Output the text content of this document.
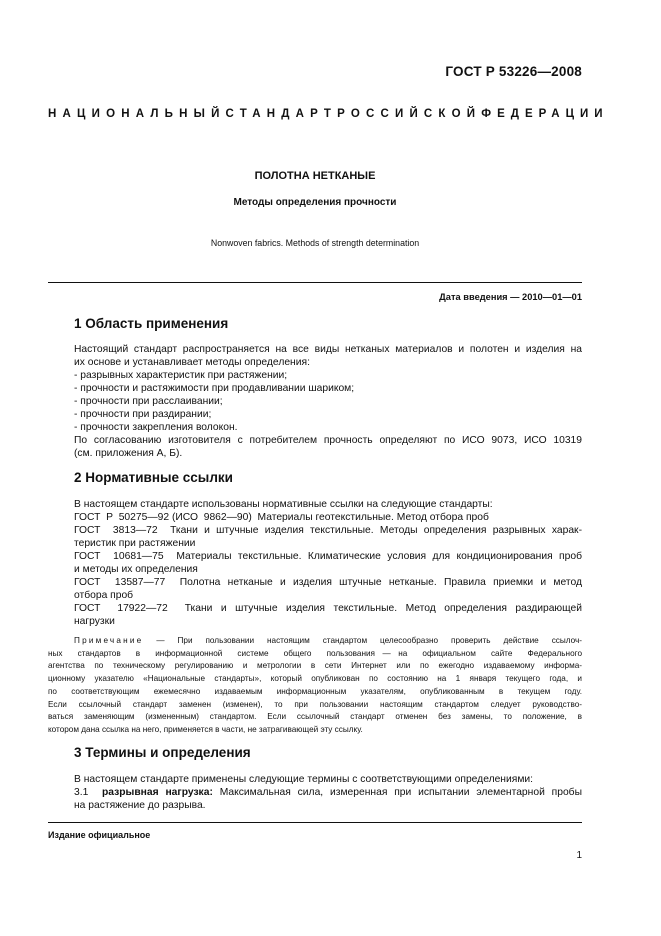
ГОСТ Р 53226—2008
НАЦИОНАЛЬНЫЙ СТАНДАРТ РОССИЙСКОЙ ФЕДЕРАЦИИ
ПОЛОТНА НЕТКАНЫЕ
Методы определения прочности
Nonwoven fabrics. Methods of strength determination
Дата введения — 2010—01—01
1 Область применения

Настоящий стандарт распространяется на все виды нетканых материалов и полотен и изделия на

их основе и устанавливает методы определения:

- разрывных характеристик при растяжении;

- прочности и растяжимости при продавливании шариком;

- прочности при расслаивании;

- прочности при раздирании;

- прочности закрепления волокон.

По согласованию изготовителя с потребителем прочность определяют по ИСО 9073, ИСО 10319

(см. приложения А, Б).

2 Нормативные ссылки

В настоящем стандарте использованы нормативные ссылки на следующие стандарты:

ГОСТ  Р  50275—92 (ИСО  9862—90)  Материалы геотекстильные. Метод отбора проб

ГОСТ  3813—72  Ткани и штучные изделия текстильные. Методы определения разрывных харак-

теристик при растяжении

ГОСТ  10681—75  Материалы текстильные. Климатические условия для кондиционирования проб

и методы их определения

ГОСТ  13587—77  Полотна нетканые и изделия штучные нетканые. Правила приемки и метод

отбора проб

ГОСТ  17922—72  Ткани и штучные изделия текстильные. Метод определения раздирающей

нагрузки

Примечание — При пользовании настоящим стандартом целесообразно проверить действие ссылоч-

ных  стандартов  в  информационной  системе  общего  пользования — на  официальном  сайте  Федерального

агентства по техническому регулированию и метрологии в сети Интернет или по ежегодно издаваемому информа-

ционному указателю «Национальные стандарты», который опубликован по состоянию на 1 января текущего года, и

по соответствующим ежемесячно издаваемым информационным указателям, опубликованным в текущем году.

Если ссылочный стандарт заменен (изменен), то при пользовании настоящим стандартом следует руководство-

ваться заменяющим (измененным) стандартом. Если ссылочный стандарт отменен без замены, то положение, в

котором дана ссылка на него, применяется в части, не затрагивающей эту ссылку.

3 Термины и определения

В настоящем стандарте применены следующие термины с соответствующими определениями:

3.1  разрывная нагрузка: Максимальная сила, измеренная при испытании элементарной пробы

на растяжение до разрыва.

Издание официальное
1
